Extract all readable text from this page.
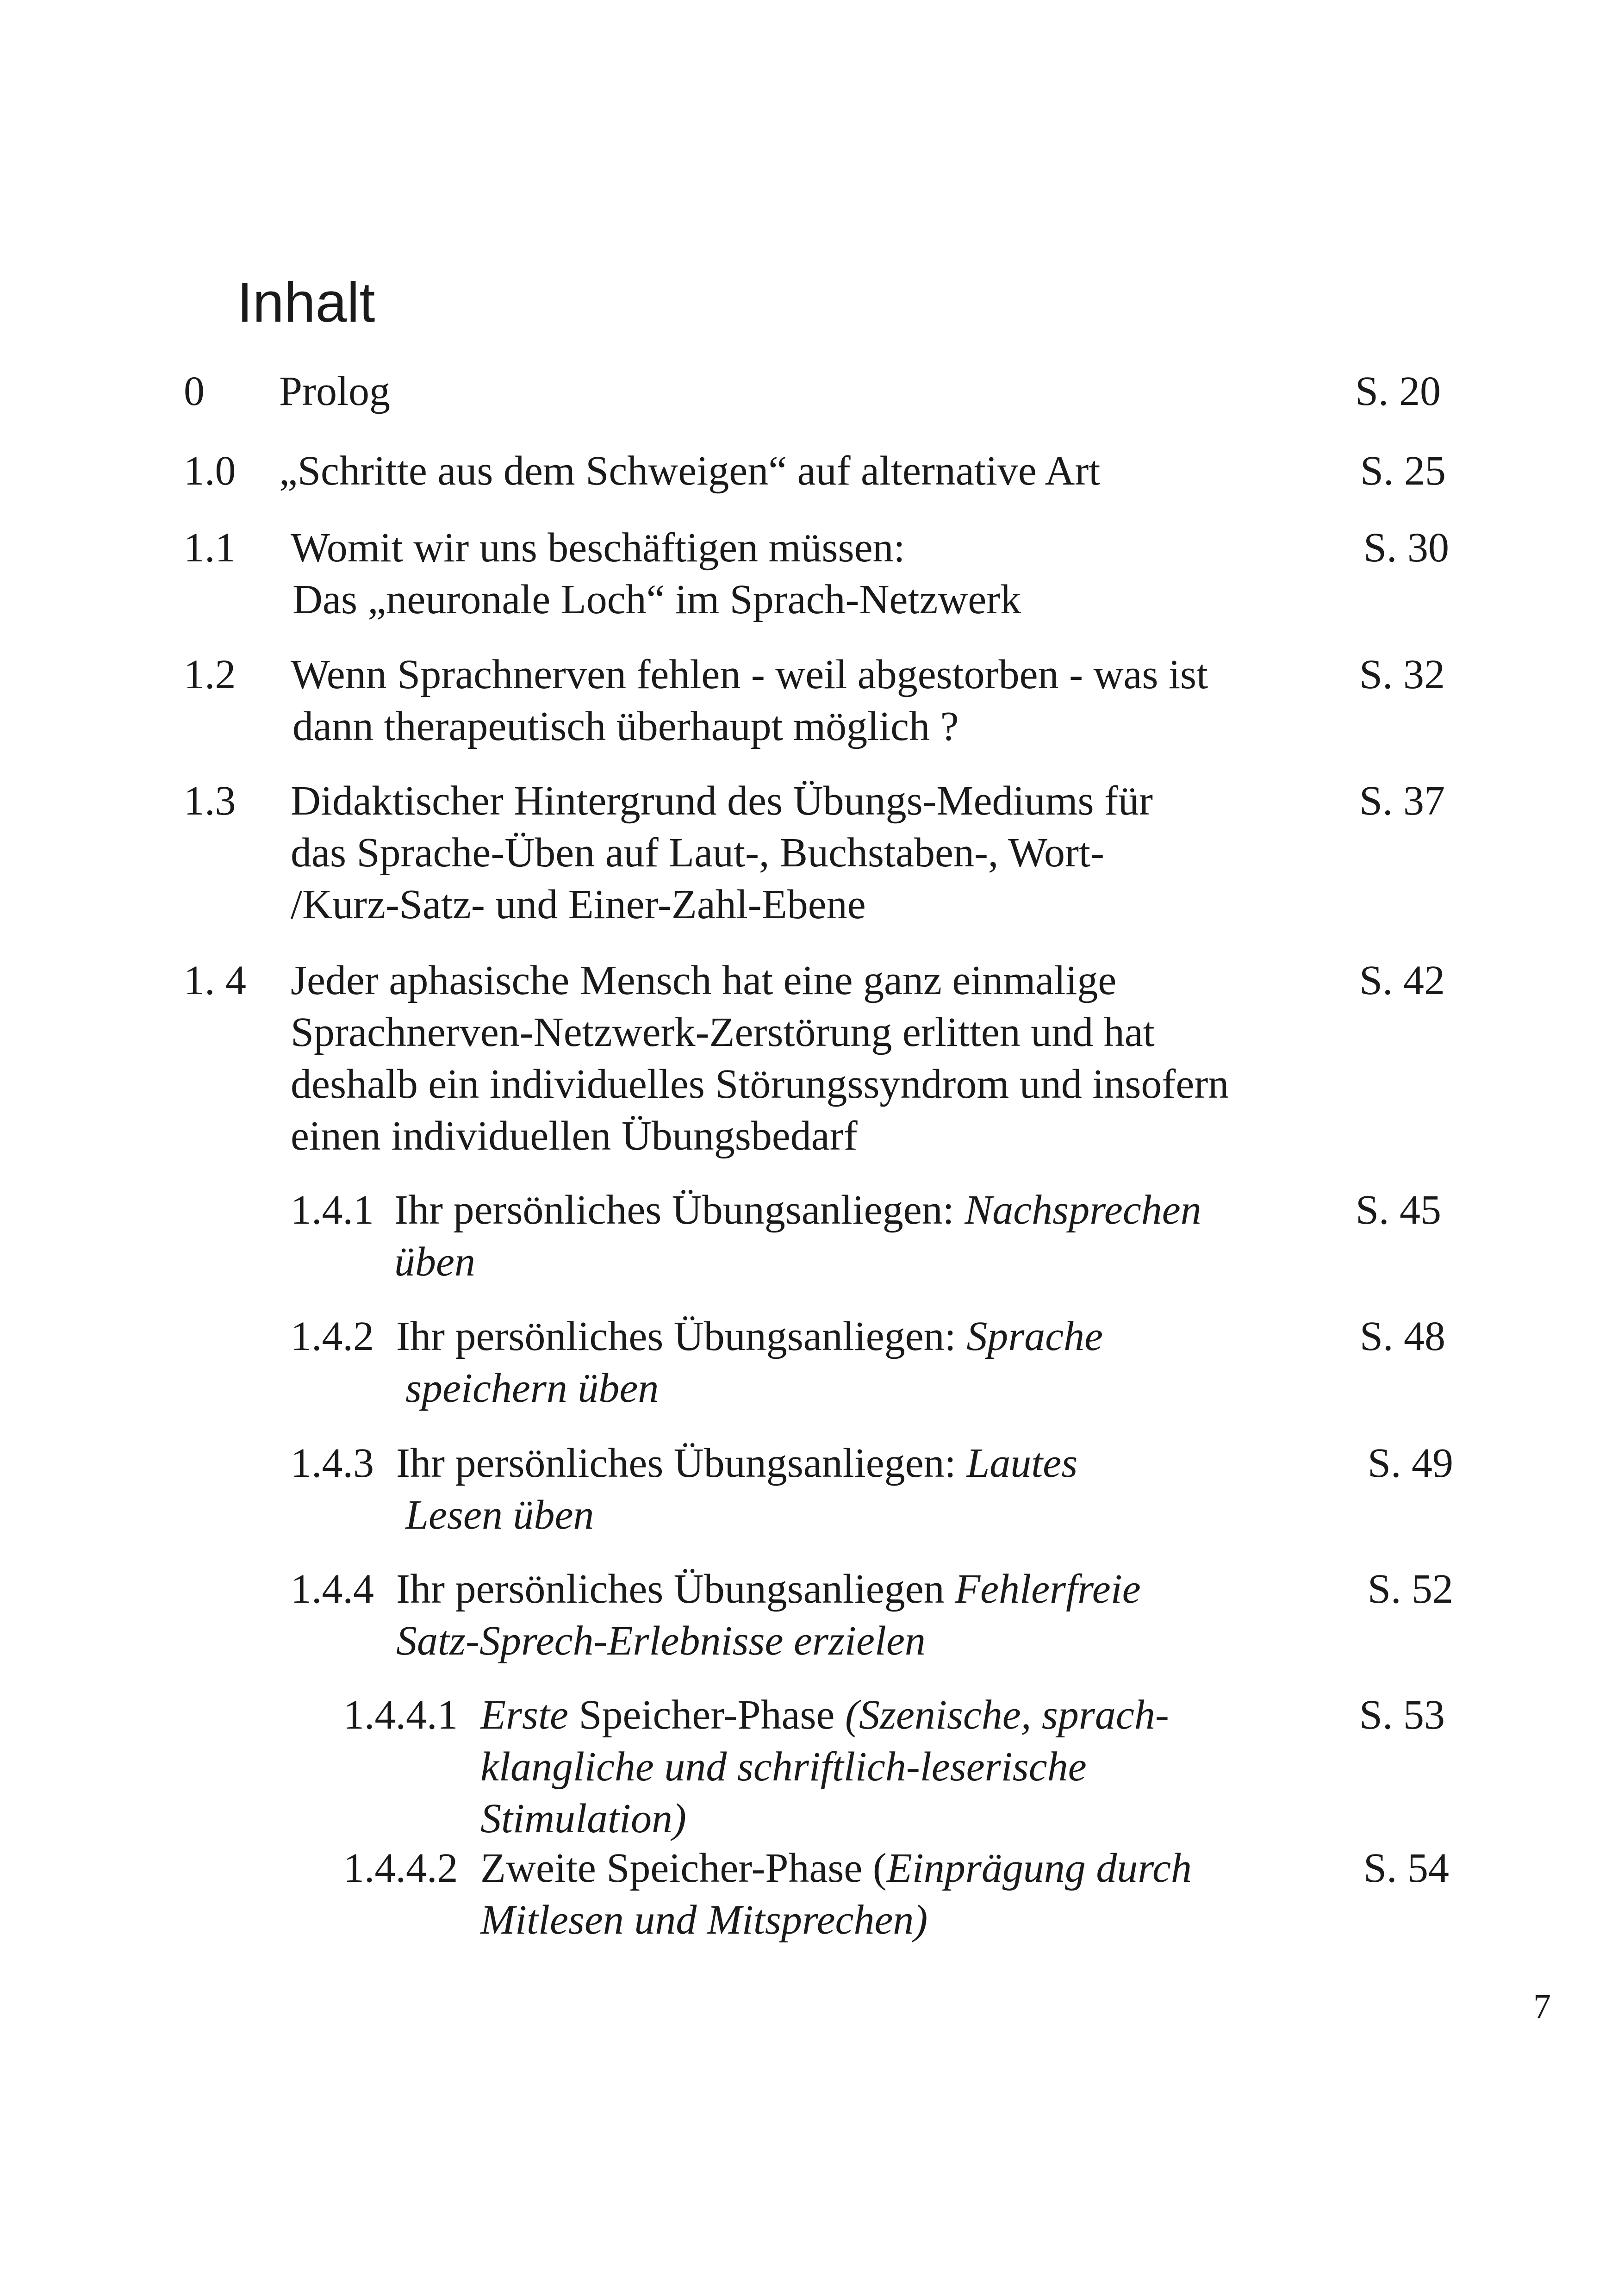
Inhalt
0 Prolog	S. 20
1.0 „Schritte aus dem Schweigen“ auf alternative Art	S. 25
1.1 Womit wir uns beschäftigen müssen:
Das „neuronale Loch“ im Sprach-Netzwerk
S. 30
1.2 Wenn Sprachnerven fehlen - weil abgestorben - was ist
dann therapeutisch überhaupt möglich ?
S. 32
1.3 Didaktischer Hintergrund des Übungs-Mediums für
das Sprache-Üben auf Laut-, Buchstaben-, Wort-
/Kurz-Satz- und Einer-Zahl-Ebene
S. 37
1. 4 Jeder aphasische Mensch hat eine ganz einmalige
Sprachnerven-Netzwerk-Zerstörung erlitten und hat
deshalb ein individuelles Störungssyndrom und insofern
einen individuellen Übungsbedarf
S. 42
1.4.1 Ihr persönliches Übungsanliegen: Nachsprechen
üben
S. 45
1.4.2 Ihr persönliches Übungsanliegen: Sprache
speichern üben
S. 48
1.4.3 Ihr persönliches Übungsanliegen: Lautes
Lesen üben
S. 49
1.4.4 Ihr persönliches Übungsanliegen Fehlerfreie
Satz-Sprech-Erlebnisse erzielen
S. 52
1.4.4.1 Erste Speicher-Phase (Szenische, sprach-
klangliche und schriftlich-leserische
Stimulation)
S. 53
1.4.4.2 Zweite Speicher-Phase (Einprägung durch
Mitlesen und Mitsprechen)
S. 54
7
